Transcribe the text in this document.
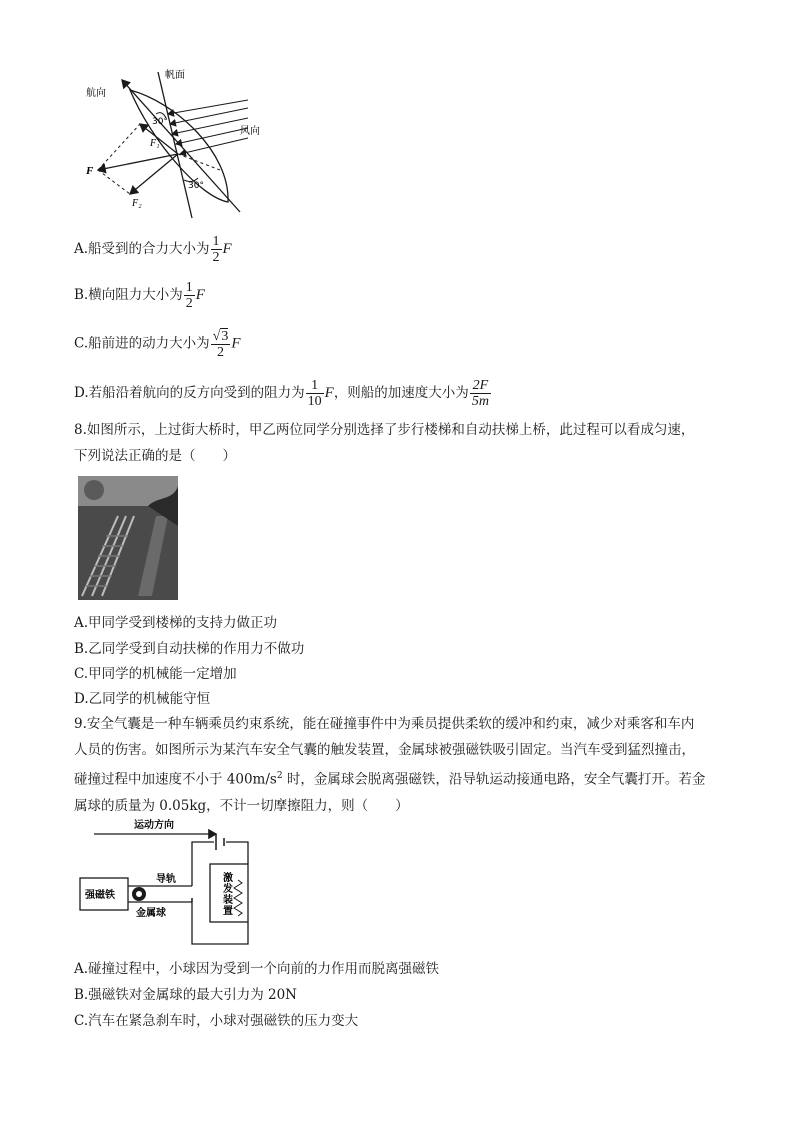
帆面
航向
风向
F
F₁
F₂
30°
30°
A.船受到的合力大小为 $\frac{1}{2}$ F
B.横向阻力大小为 $\frac{1}{2}$ F
C.船前进的动力大小为 $\frac{√3}{2}$ F
D.若船沿着航向的反方向受到的阻力为 $\frac{1}{10}$ F，则船的加速度大小为 $\frac{2F}{5m}$
8.如图所示，上过街大桥时，甲乙两位同学分别选择了步行楼梯和自动扶梯上桥，此过程可以看成匀速，
下列说法正确的是（　　）
A.甲同学受到楼梯的支持力做正功
B.乙同学受到自动扶梯的作用力不做功
C.甲同学的机械能一定增加
D.乙同学的机械能守恒
9.安全气囊是一种车辆乘员约束系统，能在碰撞事件中为乘员提供柔软的缓冲和约束，减少对乘客和车内
人员的伤害。如图所示为某汽车安全气囊的触发装置，金属球被强磁铁吸引固定。当汽车受到猛烈撞击，
碰撞过程中加速度不小于 $400m/s^2$ 时，金属球会脱离强磁铁，沿导轨运动接通电路，安全气囊打开。若金
属球的质量为 0.05kg，不计一切摩擦阻力，则（　　）
运动方向
激发装置
强磁铁
导轨
金属球
A.碰撞过程中，小球因为受到一个向前的力作用而脱离强磁铁
B.强磁铁对金属球的最大引力为 20N
C.汽车在紧急刹车时，小球对强磁铁的压力变大
